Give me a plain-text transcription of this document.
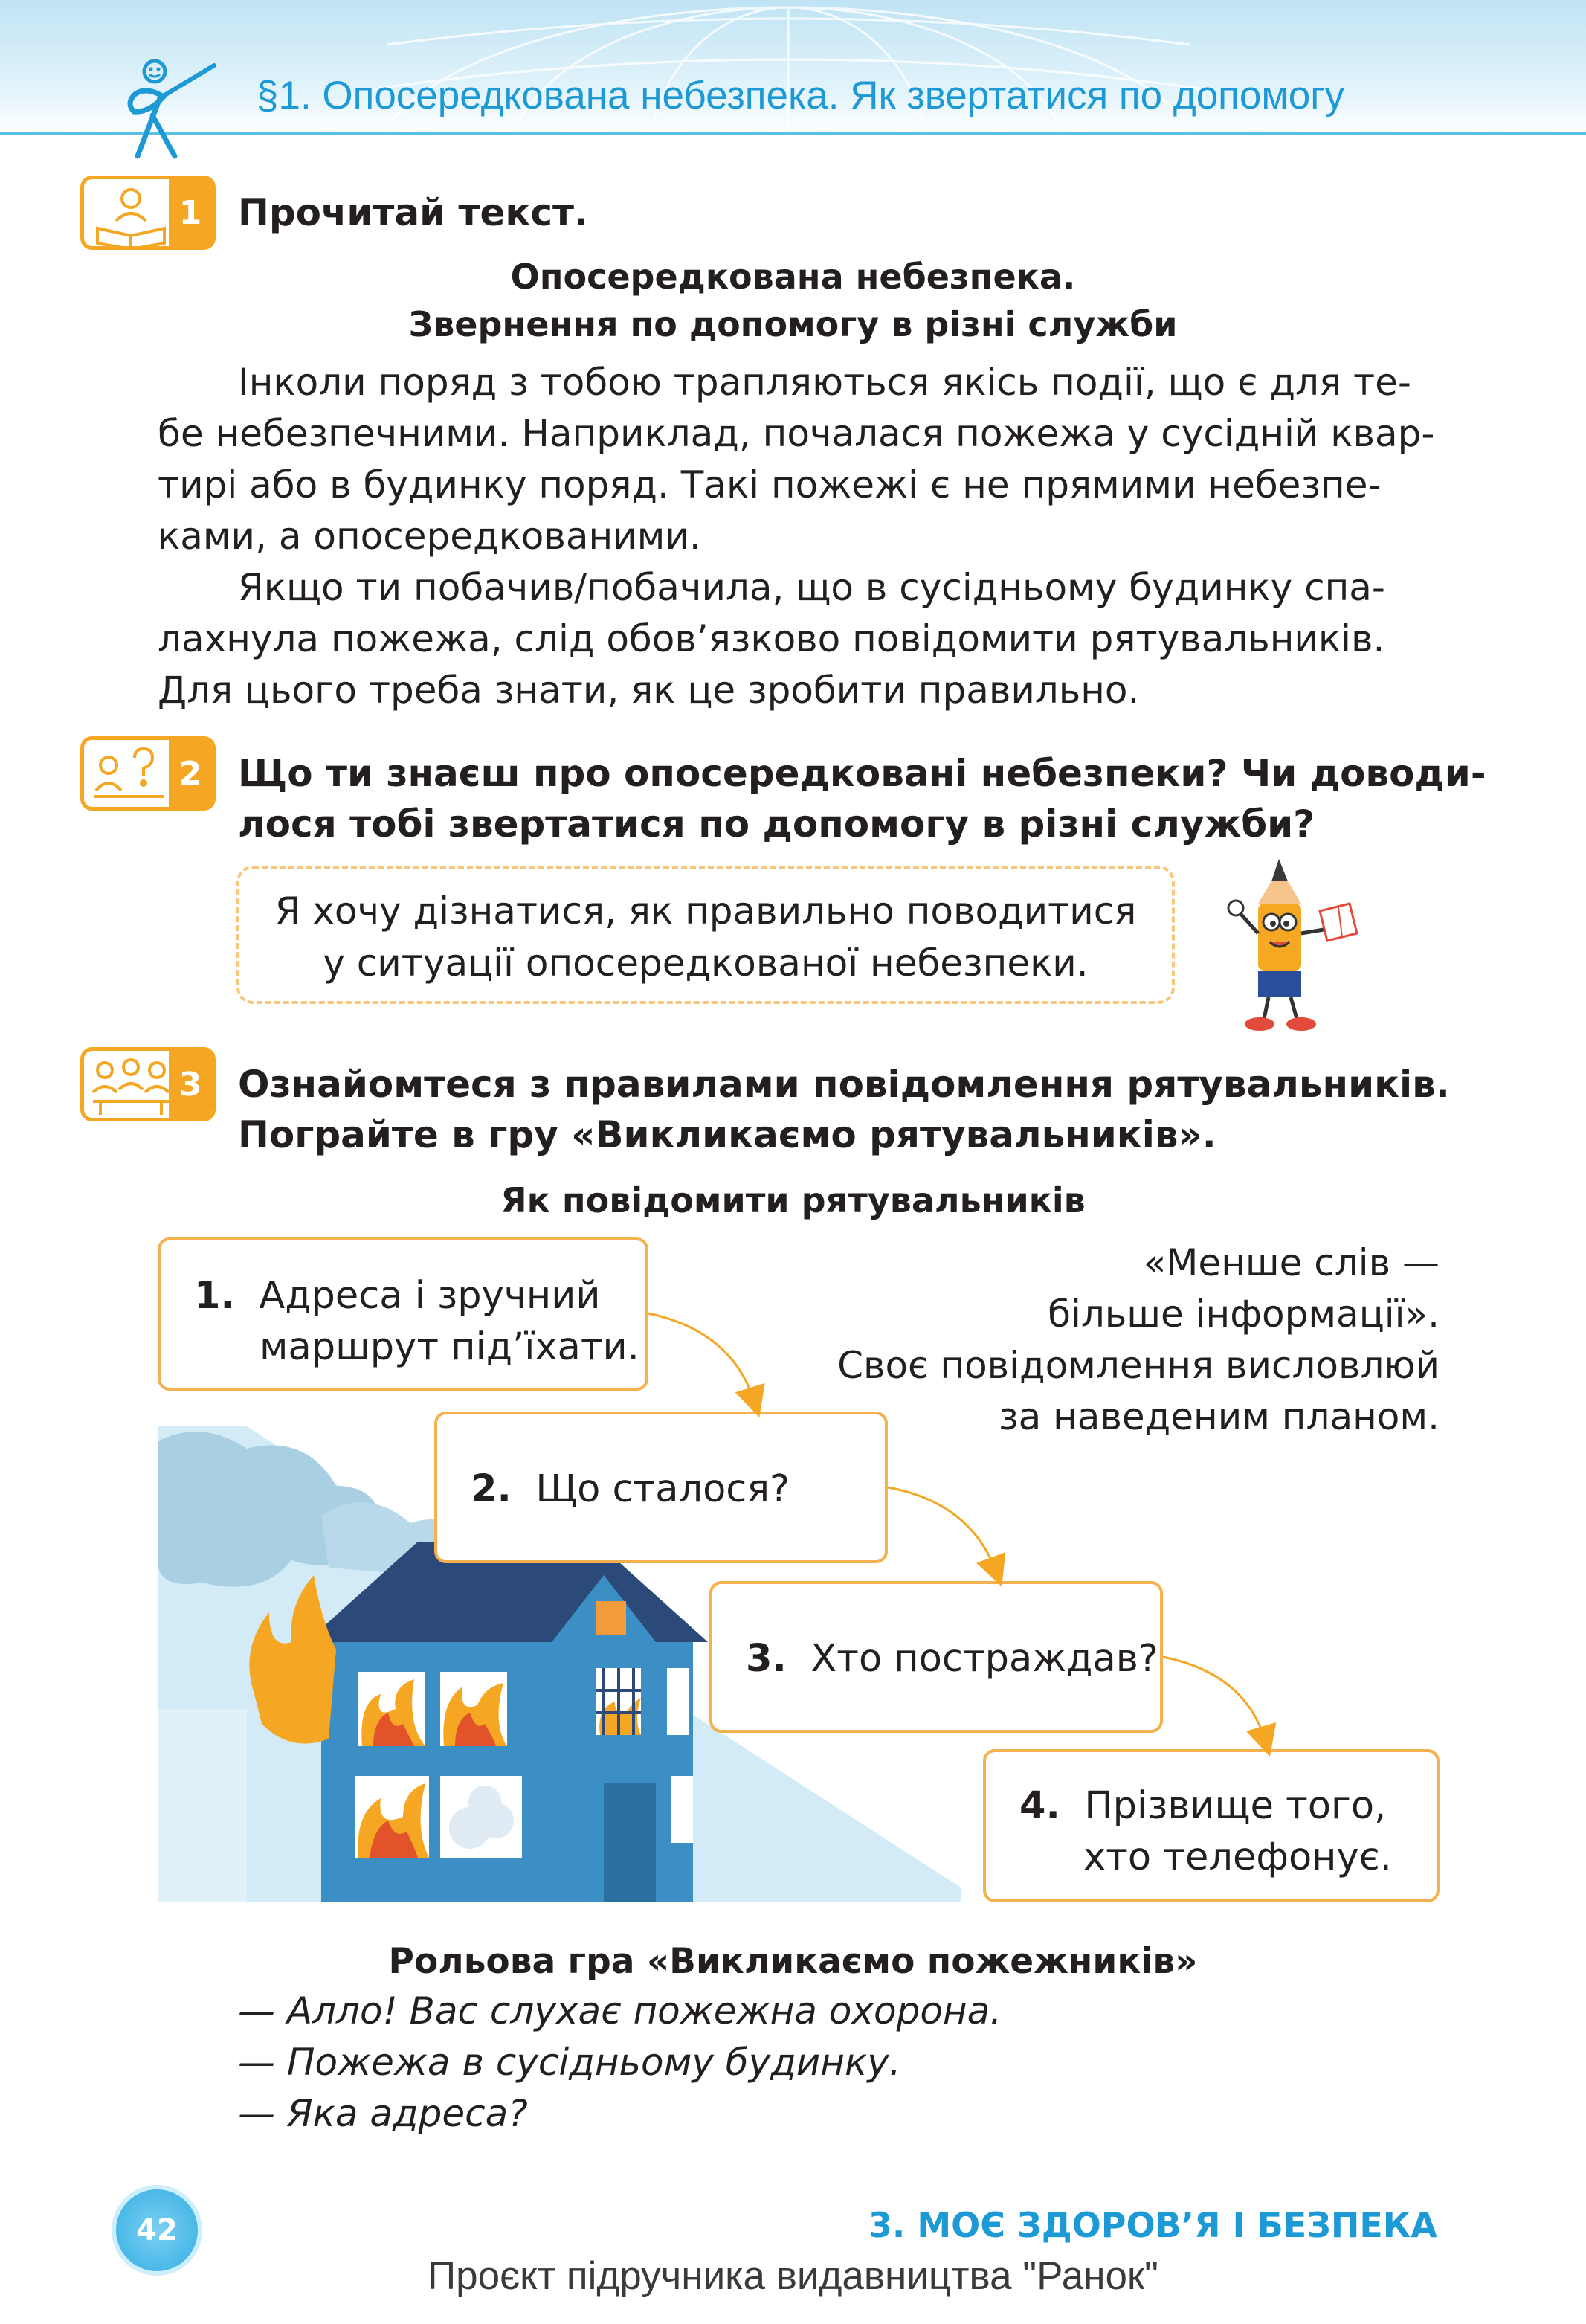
§1. Опосередкована небезпека. Як звертатися по допомогу
1 Прочитай текст.
Опосередкована небезпека.
Звернення по допомогу в різні служби
Інколи поряд з тобою трапляються якісь події, що є для те-
бе небезпечними. Наприклад, почалася пожежа у сусідній квар-
тирі або в будинку поряд. Такі пожежі є не прямими небезпе-
ками, а опосередкованими.
Якщо ти побачив/побачила, що в сусідньому будинку спа-
лахнула пожежа, слід обов’язково повідомити рятувальників.
Для цього треба знати, як це зробити правильно.
2 Що ти знаєш про опосередковані небезпеки? Чи доводи-
лося тобі звертатися по допомогу в різні служби?
Я хочу дізнатися, як правильно поводитися
у ситуації опосередкованої небезпеки.
3 Ознайомтеся з правилами повідомлення рятувальників.
Пограйте в гру «Викликаємо рятувальників».
Як повідомити рятувальників
1. Адреса і зручний
маршрут під’їхати.
2. Що сталося?
3. Хто постраждав?
4. Прізвище того,
хто телефонує.
«Менше слів —
більше інформації».
Своє повідомлення висловлюй
за наведеним планом.
Рольова гра «Викликаємо пожежників»
— Алло! Вас слухає пожежна охорона.
— Пожежа в сусідньому будинку.
— Яка адреса?
42	3. МОЄ ЗДОРОВ’Я І БЕЗПЕКА
Проєкт підручника видавництва "Ранок"
